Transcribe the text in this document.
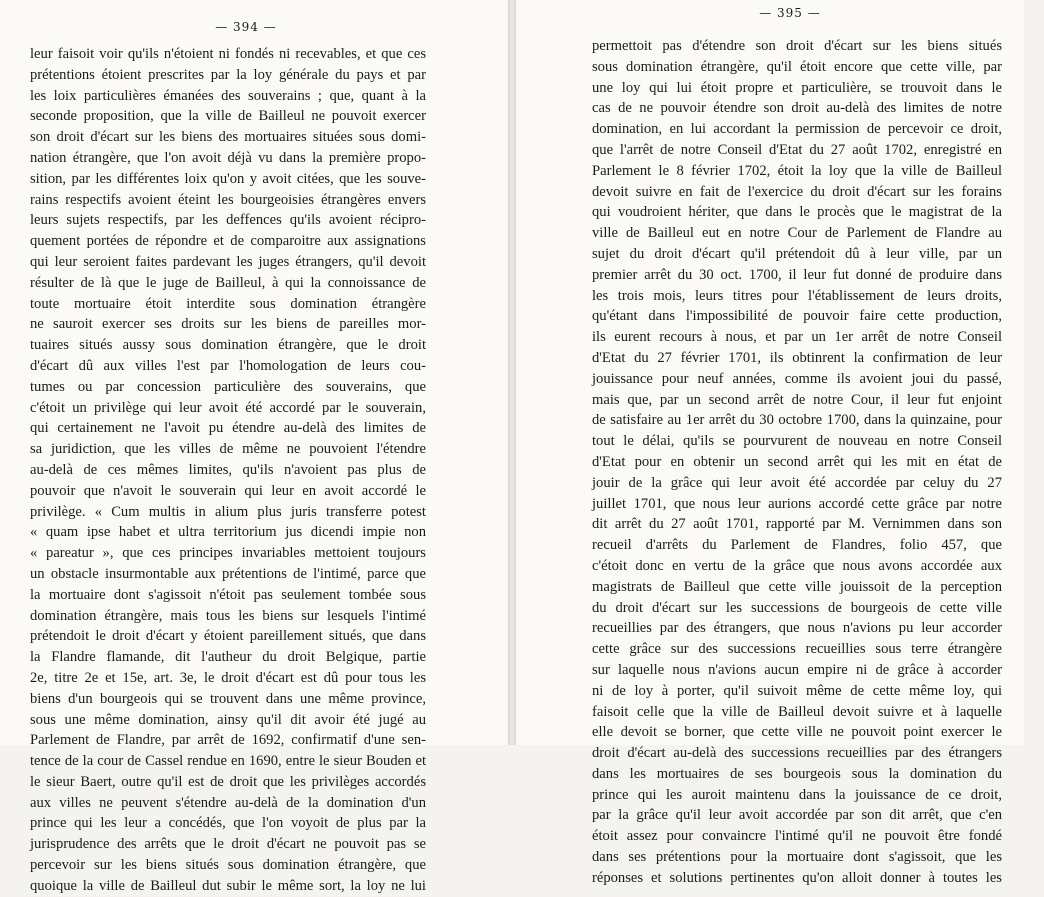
— 394 —
leur faisoit voir qu'ils n'étoient ni fondés ni recevables, et que ces
prétentions étoient prescrites par la loy générale du pays et par
les loix particulières émanées des souverains ; que, quant à la
seconde proposition, que la ville de Bailleul ne pouvoit exercer
son droit d'écart sur les biens des mortuaires situées sous domi-
nation étrangère, que l'on avoit déjà vu dans la première propo-
sition, par les différentes loix qu'on y avoit citées, que les souve-
rains respectifs avoient éteint les bourgeoisies étrangères envers
leurs sujets respectifs, par les deffences qu'ils avoient récipro-
quement portées de répondre et de comparoitre aux assignations
qui leur seroient faites pardevant les juges étrangers, qu'il devoit
résulter de là que le juge de Bailleul, à qui la connoissance de
toute mortuaire étoit interdite sous domination étrangère
ne sauroit exercer ses droits sur les biens de pareilles mor-
tuaires situés aussy sous domination étrangère, que le droit
d'écart dû aux villes l'est par l'homologation de leurs cou-
tumes ou par concession particulière des souverains, que
c'étoit un privilège qui leur avoit été accordé par le souverain,
qui certainement ne l'avoit pu étendre au-delà des limites de
sa juridiction, que les villes de même ne pouvoient l'étendre
au-delà de ces mêmes limites, qu'ils n'avoient pas plus de
pouvoir que n'avoit le souverain qui leur en avoit accordé le
privilège. « Cum multis in alium plus juris transferre potest
« quam ipse habet et ultra territorium jus dicendi impie non
« pareatur », que ces principes invariables mettoient toujours
un obstacle insurmontable aux prétentions de l'intimé, parce que
la mortuaire dont s'agissoit n'étoit pas seulement tombée sous
domination étrangère, mais tous les biens sur lesquels l'intimé
prétendoit le droit d'écart y étoient pareillement situés, que dans
la Flandre flamande, dit l'autheur du droit Belgique, partie
2e, titre 2e et 15e, art. 3e, le droit d'écart est dû pour tous les
biens d'un bourgeois qui se trouvent dans une même province,
sous une même domination, ainsy qu'il dit avoir été jugé au
Parlement de Flandre, par arrêt de 1692, confirmatif d'une sen-
tence de la cour de Cassel rendue en 1690, entre le sieur Bouden et
le sieur Baert, outre qu'il est de droit que les privilèges accordés
aux villes ne peuvent s'étendre au-delà de la domination d'un
prince qui les leur a concédés, que l'on voyoit de plus par la
jurisprudence des arrêts que le droit d'écart ne pouvoit pas se
percevoir sur les biens situés sous domination étrangère, que
quoique la ville de Bailleul dut subir le même sort, la loy ne lui
— 395 —
permettoit pas d'étendre son droit d'écart sur les biens situés
sous domination étrangère, qu'il étoit encore que cette ville, par
une loy qui lui étoit propre et particulière, se trouvoit dans le
cas de ne pouvoir étendre son droit au-delà des limites de notre
domination, en lui accordant la permission de percevoir ce droit,
que l'arrêt de notre Conseil d'Etat du 27 août 1702, enregistré en
Parlement le 8 février 1702, étoit la loy que la ville de Bailleul
devoit suivre en fait de l'exercice du droit d'écart sur les forains
qui voudroient hériter, que dans le procès que le magistrat de la
ville de Bailleul eut en notre Cour de Parlement de Flandre au
sujet du droit d'écart qu'il prétendoit dû à leur ville, par un
premier arrêt du 30 oct. 1700, il leur fut donné de produire dans
les trois mois, leurs titres pour l'établissement de leurs droits,
qu'étant dans l'impossibilité de pouvoir faire cette production,
ils eurent recours à nous, et par un 1er arrêt de notre Conseil
d'Etat du 27 février 1701, ils obtinrent la confirmation de leur
jouissance pour neuf années, comme ils avoient joui du passé,
mais que, par un second arrêt de notre Cour, il leur fut enjoint
de satisfaire au 1er arrêt du 30 octobre 1700, dans la quinzaine, pour
tout le délai, qu'ils se pourvurent de nouveau en notre Conseil
d'Etat pour en obtenir un second arrêt qui les mit en état de
jouir de la grâce qui leur avoit été accordée par celuy du 27
juillet 1701, que nous leur aurions accordé cette grâce par notre
dit arrêt du 27 août 1701, rapporté par M. Vernimmen dans son
recueil d'arrêts du Parlement de Flandres, folio 457, que
c'étoit donc en vertu de la grâce que nous avons accordée aux
magistrats de Bailleul que cette ville jouissoit de la perception
du droit d'écart sur les successions de bourgeois de cette ville
recueillies par des étrangers, que nous n'avions pu leur accorder
cette grâce sur des successions recueillies sous terre étrangère
sur laquelle nous n'avions aucun empire ni de grâce à accorder
ni de loy à porter, qu'il suivoit même de cette même loy, qui
faisoit celle que la ville de Bailleul devoit suivre et à laquelle
elle devoit se borner, que cette ville ne pouvoit point exercer le
droit d'écart au-delà des successions recueillies par des étrangers
dans les mortuaires de ses bourgeois sous la domination du
prince qui les auroit maintenu dans la jouissance de ce droit,
par la grâce qu'il leur avoit accordée par son dit arrêt, que c'en
étoit assez pour convaincre l'intimé qu'il ne pouvoit être fondé
dans ses prétentions pour la mortuaire dont s'agissoit, que les
réponses et solutions pertinentes qu'on alloit donner à toutes les
